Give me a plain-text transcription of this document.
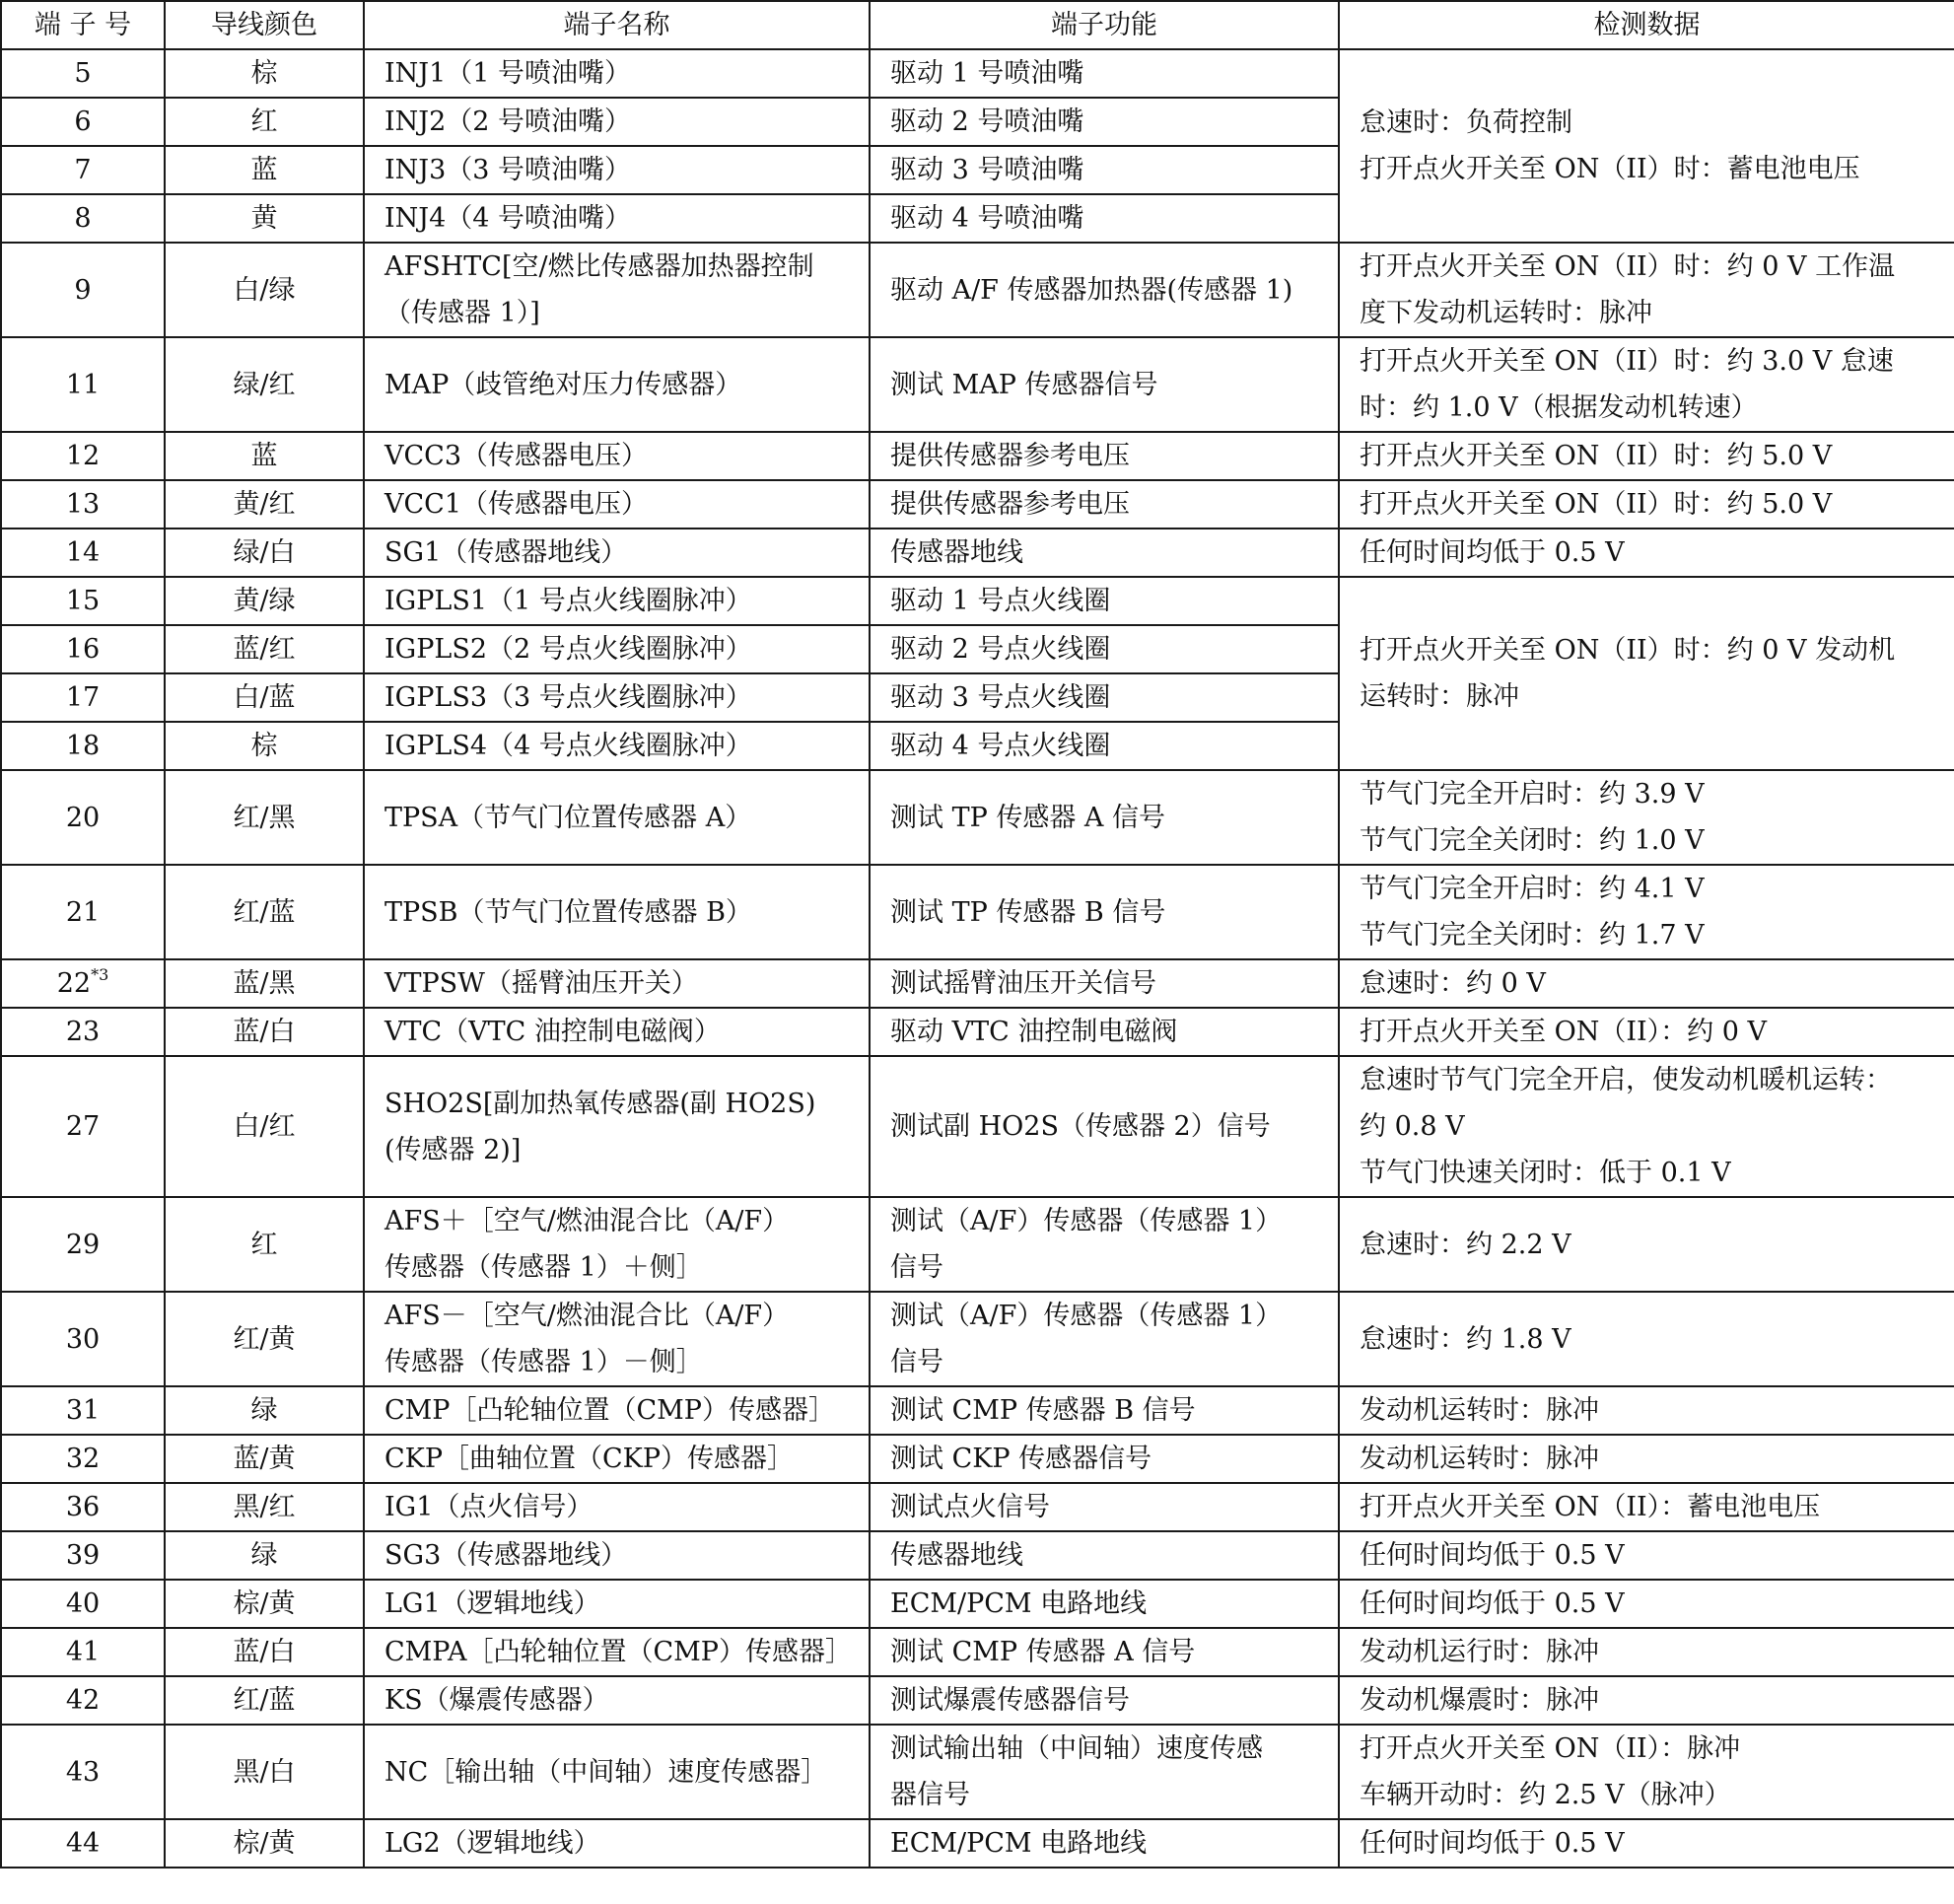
端 子 号	导线颜色	端子名称	端子功能	检测数据
5	棕	INJ1（1 号喷油嘴）	驱动 1 号喷油嘴	怠速时：负荷控制
打开点火开关至 ON（II）时：蓄电池电压

6	红	INJ2（2 号喷油嘴）	驱动 2 号喷油嘴	

7	蓝	INJ3（3 号喷油嘴）	驱动 3 号喷油嘴	

8	黄	INJ4（4 号喷油嘴）	驱动 4 号喷油嘴	

9	白/绿	AFSHTC[空/燃比传感器加热器控制
（传感器 1）]	驱动 A/F 传感器加热器(传感器 1)	打开点火开关至 ON（II）时：约 0 V 工作温
度下发动机运转时：脉冲

11	绿/红	MAP（歧管绝对压力传感器）	测试 MAP 传感器信号	打开点火开关至 ON（II）时：约 3.0 V 怠速
时：约 1.0 V（根据发动机转速）

12	蓝	VCC3（传感器电压）	提供传感器参考电压	打开点火开关至 ON（II）时：约 5.0 V

13	黄/红	VCC1（传感器电压）	提供传感器参考电压	打开点火开关至 ON（II）时：约 5.0 V

14	绿/白	SG1（传感器地线）	传感器地线	任何时间均低于 0.5 V

15	黄/绿	IGPLS1（1 号点火线圈脉冲）	驱动 1 号点火线圈	打开点火开关至 ON（II）时：约 0 V 发动机
运转时：脉冲

16	蓝/红	IGPLS2（2 号点火线圈脉冲）	驱动 2 号点火线圈	

17	白/蓝	IGPLS3（3 号点火线圈脉冲）	驱动 3 号点火线圈	

18	棕	IGPLS4（4 号点火线圈脉冲）	驱动 4 号点火线圈	

20	红/黑	TPSA（节气门位置传感器 A）	测试 TP 传感器 A 信号	节气门完全开启时：约 3.9 V
节气门完全关闭时：约 1.0 V

21	红/蓝	TPSB（节气门位置传感器 B）	测试 TP 传感器 B 信号	节气门完全开启时：约 4.1 V
节气门完全关闭时：约 1.7 V

22$^{*3}$	蓝/黑	VTPSW（摇臂油压开关）	测试摇臂油压开关信号	怠速时：约 0 V

23	蓝/白	VTC（VTC 油控制电磁阀）	驱动 VTC 油控制电磁阀	打开点火开关至 ON（II）：约 0 V

27	白/红	SHO2S[副加热氧传感器(副 HO2S)
(传感器 2)]	测试副 HO2S（传感器 2）信号	怠速时节气门完全开启，使发动机暖机运转：
约 0.8 V
节气门快速关闭时：低于 0.1 V

29	红	AFS＋［空气/燃油混合比（A/F）
传感器（传感器 1）＋侧］	测试（A/F）传感器（传感器 1）
信号	怠速时：约 2.2 V

30	红/黄	AFS－［空气/燃油混合比（A/F）
传感器（传感器 1）－侧］	测试（A/F）传感器（传感器 1）
信号	怠速时：约 1.8 V

31	绿	CMP［凸轮轴位置（CMP）传感器］	测试 CMP 传感器 B 信号	发动机运转时：脉冲

32	蓝/黄	CKP［曲轴位置（CKP）传感器］	测试 CKP 传感器信号	发动机运转时：脉冲

36	黑/红	IG1（点火信号）	测试点火信号	打开点火开关至 ON（II）：蓄电池电压

39	绿	SG3（传感器地线）	传感器地线	任何时间均低于 0.5 V

40	棕/黄	LG1（逻辑地线）	ECM/PCM 电路地线	任何时间均低于 0.5 V

41	蓝/白	CMPA［凸轮轴位置（CMP）传感器］	测试 CMP 传感器 A 信号	发动机运行时：脉冲

42	红/蓝	KS（爆震传感器）	测试爆震传感器信号	发动机爆震时：脉冲

43	黑/白	NC［输出轴（中间轴）速度传感器］	测试输出轴（中间轴）速度传感
器信号	打开点火开关至 ON（II）：脉冲
车辆开动时：约 2.5 V（脉冲）

44	棕/黄	LG2（逻辑地线）	ECM/PCM 电路地线	任何时间均低于 0.5 V
